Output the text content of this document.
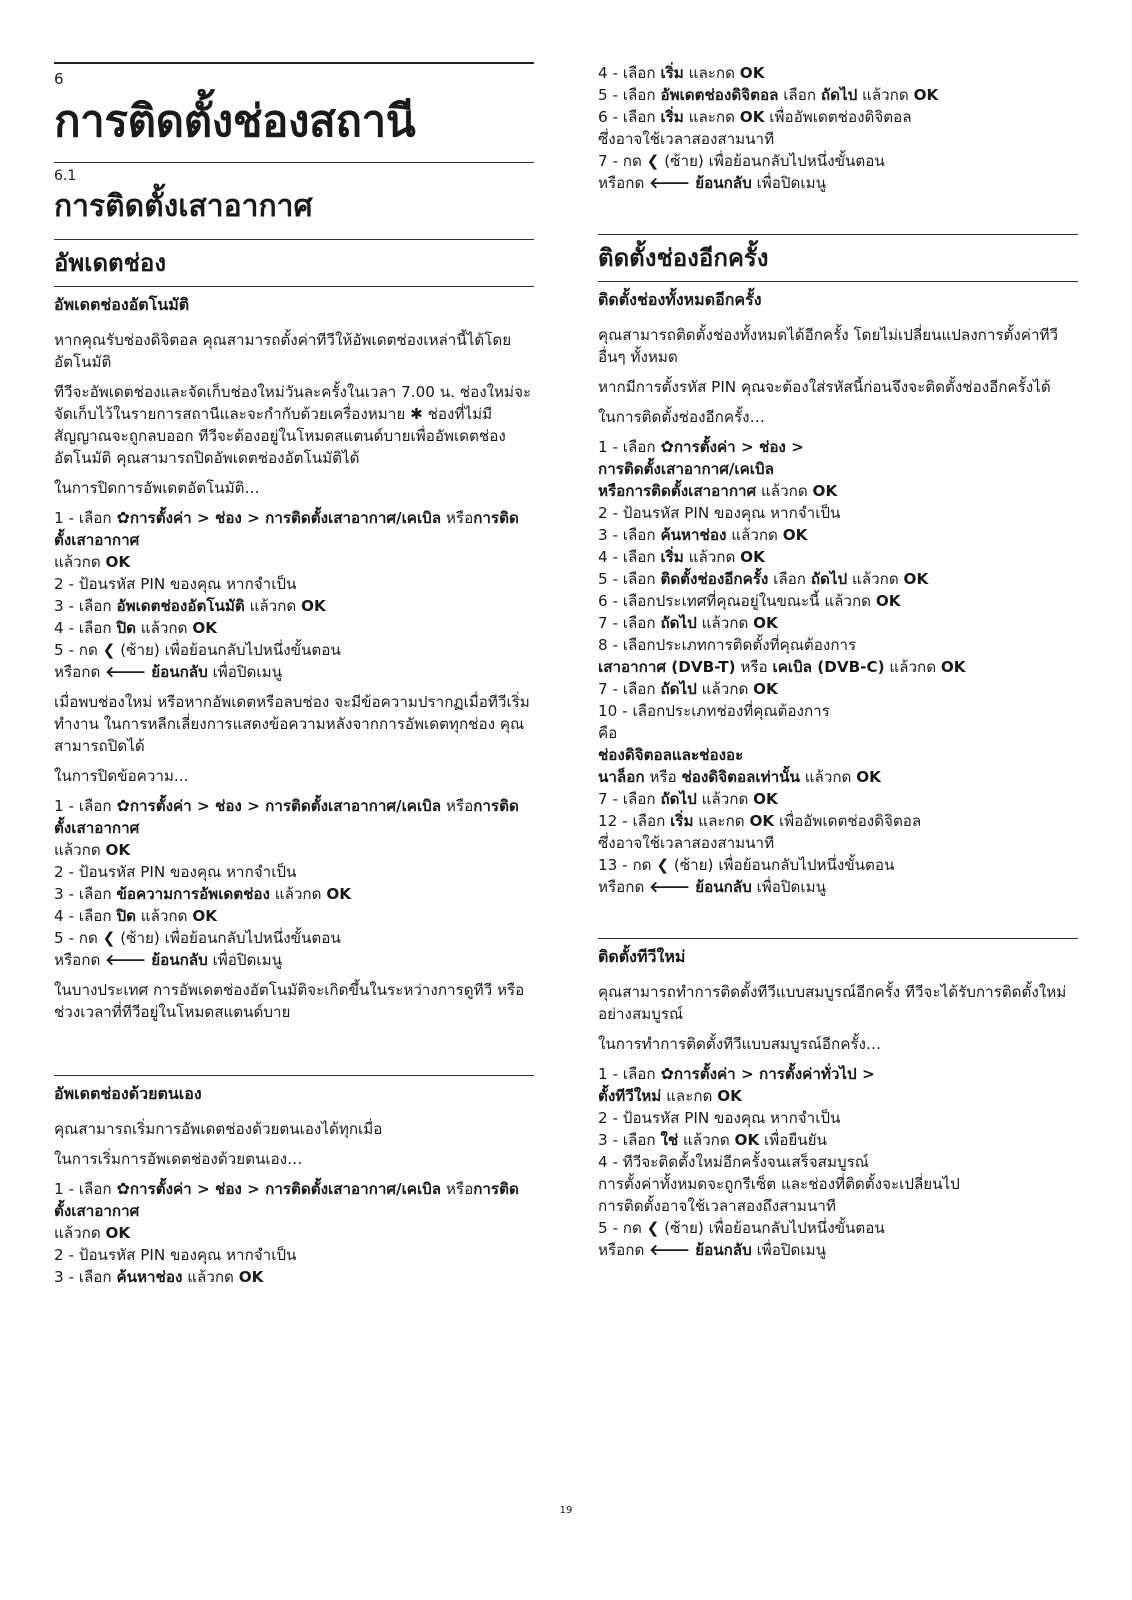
6
การติดตั้งช่องสถานี
6.1
การติดตั้งเสาอากาศ
อัพเดตช่อง
อัพเดตช่องอัตโนมัติ

หากคุณรับช่องดิจิตอล คุณสามารถตั้งค่าทีวีให้อัพเดตช่องเหล่านี้ได้โดยอัตโนมัติ

ทีวีจะอัพเดตช่องและจัดเก็บช่องใหม่วันละครั้งในเวลา 7.00 น. ช่องใหม่จะจัดเก็บไว้ในรายการสถานีและจะกำกับด้วยเครื่องหมาย ✱ ช่องที่ไม่มีสัญญาณจะถูกลบออก ทีวีจะต้องอยู่ในโหมดสแตนด์บายเพื่ออัพเดตช่องอัตโนมัติ คุณสามารถปิดอัพเดตช่องอัตโนมัติได้

ในการปิดการอัพเดตอัตโนมัติ…

1 - เลือก ✿การตั้งค่า > ช่อง > การติดตั้งเสาอากาศ/เคเบิล หรือการติดตั้งเสาอากาศ
แล้วกด OK
2 - ป้อนรหัส PIN ของคุณ หากจำเป็น
3 - เลือก อัพเดตช่องอัตโนมัติ แล้วกด OK
4 - เลือก ปิด แล้วกด OK
5 - กด ❮ (ซ้าย) เพื่อย้อนกลับไปหนึ่งขั้นตอน
หรือกด 🡐 ย้อนกลับ เพื่อปิดเมนู

เมื่อพบช่องใหม่ หรือหากอัพเดตหรือลบช่อง จะมีข้อความปรากฏเมื่อทีวีเริ่มทำงาน ในการหลีกเลี่ยงการแสดงข้อความหลังจากการอัพเดตทุกช่อง คุณสามารถปิดได้

ในการปิดข้อความ...

1 - เลือก ✿การตั้งค่า > ช่อง > การติดตั้งเสาอากาศ/เคเบิล หรือการติดตั้งเสาอากาศ
แล้วกด OK
2 - ป้อนรหัส PIN ของคุณ หากจำเป็น
3 - เลือก ข้อความการอัพเดตช่อง แล้วกด OK
4 - เลือก ปิด แล้วกด OK
5 - กด ❮ (ซ้าย) เพื่อย้อนกลับไปหนึ่งขั้นตอน
หรือกด 🡐 ย้อนกลับ เพื่อปิดเมนู

ในบางประเทศ การอัพเดตช่องอัตโนมัติจะเกิดขึ้นในระหว่างการดูทีวี หรือช่วงเวลาที่ทีวีอยู่ในโหมดสแตนด์บาย

อัพเดตช่องด้วยตนเอง

คุณสามารถเริ่มการอัพเดตช่องด้วยตนเองได้ทุกเมื่อ

ในการเริ่มการอัพเดตช่องด้วยตนเอง…

1 - เลือก ✿การตั้งค่า > ช่อง > การติดตั้งเสาอากาศ/เคเบิล หรือการติดตั้งเสาอากาศ
แล้วกด OK
2 - ป้อนรหัส PIN ของคุณ หากจำเป็น
3 - เลือก ค้นหาช่อง แล้วกด OK
4 - เลือก เริ่ม และกด OK
5 - เลือก อัพเดตช่องดิจิตอล เลือก ถัดไป แล้วกด OK
6 - เลือก เริ่ม และกด OK เพื่ออัพเดตช่องดิจิตอล
ซึ่งอาจใช้เวลาสองสามนาที
7 - กด ❮ (ซ้าย) เพื่อย้อนกลับไปหนึ่งขั้นตอน
หรือกด 🡐 ย้อนกลับ เพื่อปิดเมนู
ติดตั้งช่องอีกครั้ง
ติดตั้งช่องทั้งหมดอีกครั้ง

คุณสามารถติดตั้งช่องทั้งหมดได้อีกครั้ง โดยไม่เปลี่ยนแปลงการตั้งค่าทีวีอื่นๆ ทั้งหมด

หากมีการตั้งรหัส PIN คุณจะต้องใส่รหัสนี้ก่อนจึงจะติดตั้งช่องอีกครั้งได้

ในการติดตั้งช่องอีกครั้ง…

1 - เลือก ✿การตั้งค่า > ช่อง >
การติดตั้งเสาอากาศ/เคเบิล
หรือการติดตั้งเสาอากาศ แล้วกด OK
2 - ป้อนรหัส PIN ของคุณ หากจำเป็น
3 - เลือก ค้นหาช่อง แล้วกด OK
4 - เลือก เริ่ม แล้วกด OK
5 - เลือก ติดตั้งช่องอีกครั้ง เลือก ถัดไป แล้วกด OK
6 - เลือกประเทศที่คุณอยู่ในขณะนี้ แล้วกด OK
7 - เลือก ถัดไป แล้วกด OK
8 - เลือกประเภทการติดตั้งที่คุณต้องการ
เสาอากาศ (DVB-T) หรือ เคเบิล (DVB-C) แล้วกด OK
7 - เลือก ถัดไป แล้วกด OK
10 - เลือกประเภทช่องที่คุณต้องการ
คือ
ช่องดิจิตอลและช่องอะ
นาล็อก หรือ ช่องดิจิตอลเท่านั้น แล้วกด OK
7 - เลือก ถัดไป แล้วกด OK
12 - เลือก เริ่ม และกด OK เพื่ออัพเดตช่องดิจิตอล
ซึ่งอาจใช้เวลาสองสามนาที
13 - กด ❮ (ซ้าย) เพื่อย้อนกลับไปหนึ่งขั้นตอน
หรือกด 🡐 ย้อนกลับ เพื่อปิดเมนู
ติดตั้งทีวีใหม่

คุณสามารถทำการติดตั้งทีวีแบบสมบูรณ์อีกครั้ง ทีวีจะได้รับการติดตั้งใหม่อย่างสมบูรณ์

ในการทำการติดตั้งทีวีแบบสมบูรณ์อีกครั้ง…

1 - เลือก ✿การตั้งค่า > การตั้งค่าทั่วไป >
ตั้งทีวีใหม่ และกด OK
2 - ป้อนรหัส PIN ของคุณ หากจำเป็น
3 - เลือก ใช่ แล้วกด OK เพื่อยืนยัน
4 - ทีวีจะติดตั้งใหม่อีกครั้งจนเสร็จสมบูรณ์
การตั้งค่าทั้งหมดจะถูกรีเซ็ต และช่องที่ติดตั้งจะเปลี่ยนไป
การติดตั้งอาจใช้เวลาสองถึงสามนาที
5 - กด ❮ (ซ้าย) เพื่อย้อนกลับไปหนึ่งขั้นตอน
หรือกด 🡐 ย้อนกลับ เพื่อปิดเมนู
19
